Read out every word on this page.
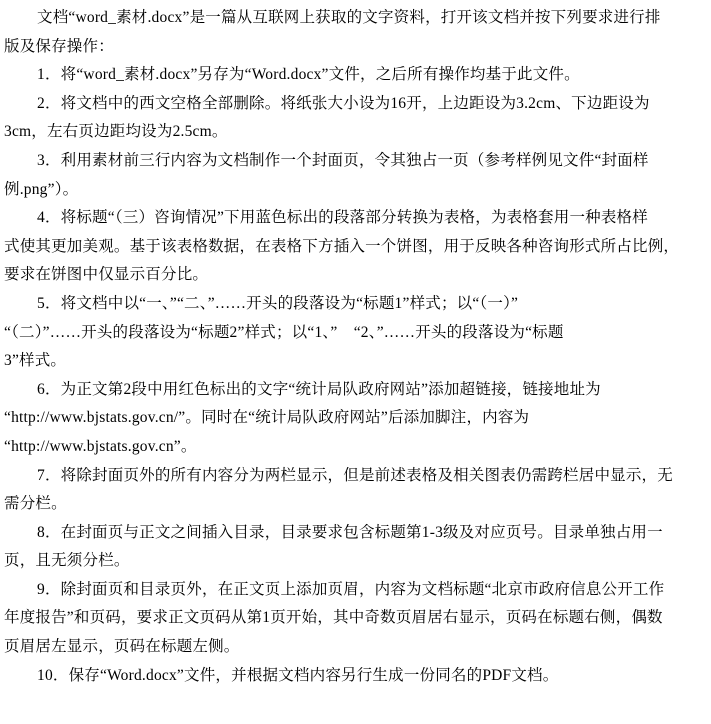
文档“word_素材.docx”是一篇从互联网上获取的文字资料，打开该文档并按下列要求进行排
版及保存操作：
1．将“word_素材.docx”另存为“Word.docx”文件，之后所有操作均基于此文件。
2．将文档中的西文空格全部删除。将纸张大小设为16开，上边距设为3.2cm、下边距设为
3cm，左右页边距均设为2.5cm。
3．利用素材前三行内容为文档制作一个封面页，令其独占一页（参考样例见文件“封面样
例.png”）。
4．将标题“（三）咨询情况”下用蓝色标出的段落部分转换为表格，为表格套用一种表格样
式使其更加美观。基于该表格数据，在表格下方插入一个饼图，用于反映各种咨询形式所占比例，
要求在饼图中仅显示百分比。
5．将文档中以“一、”“二、”……开头的段落设为“标题1”样式；以“（一）”
“（二）”……开头的段落设为“标题2”样式；以“1、”    “2、”……开头的段落设为“标题
3”样式。
6．为正文第2段中用红色标出的文字“统计局队政府网站”添加超链接，链接地址为
“http://www.bjstats.gov.cn/”。同时在“统计局队政府网站”后添加脚注，内容为
“http://www.bjstats.gov.cn”。
7．将除封面页外的所有内容分为两栏显示，但是前述表格及相关图表仍需跨栏居中显示，无
需分栏。
8．在封面页与正文之间插入目录，目录要求包含标题第1-3级及对应页号。目录单独占用一
页，且无须分栏。
9．除封面页和目录页外，在正文页上添加页眉，内容为文档标题“北京市政府信息公开工作
年度报告”和页码，要求正文页码从第1页开始，其中奇数页眉居右显示，页码在标题右侧，偶数
页眉居左显示，页码在标题左侧。
10．保存“Word.docx”文件，并根据文档内容另行生成一份同名的PDF文档。
